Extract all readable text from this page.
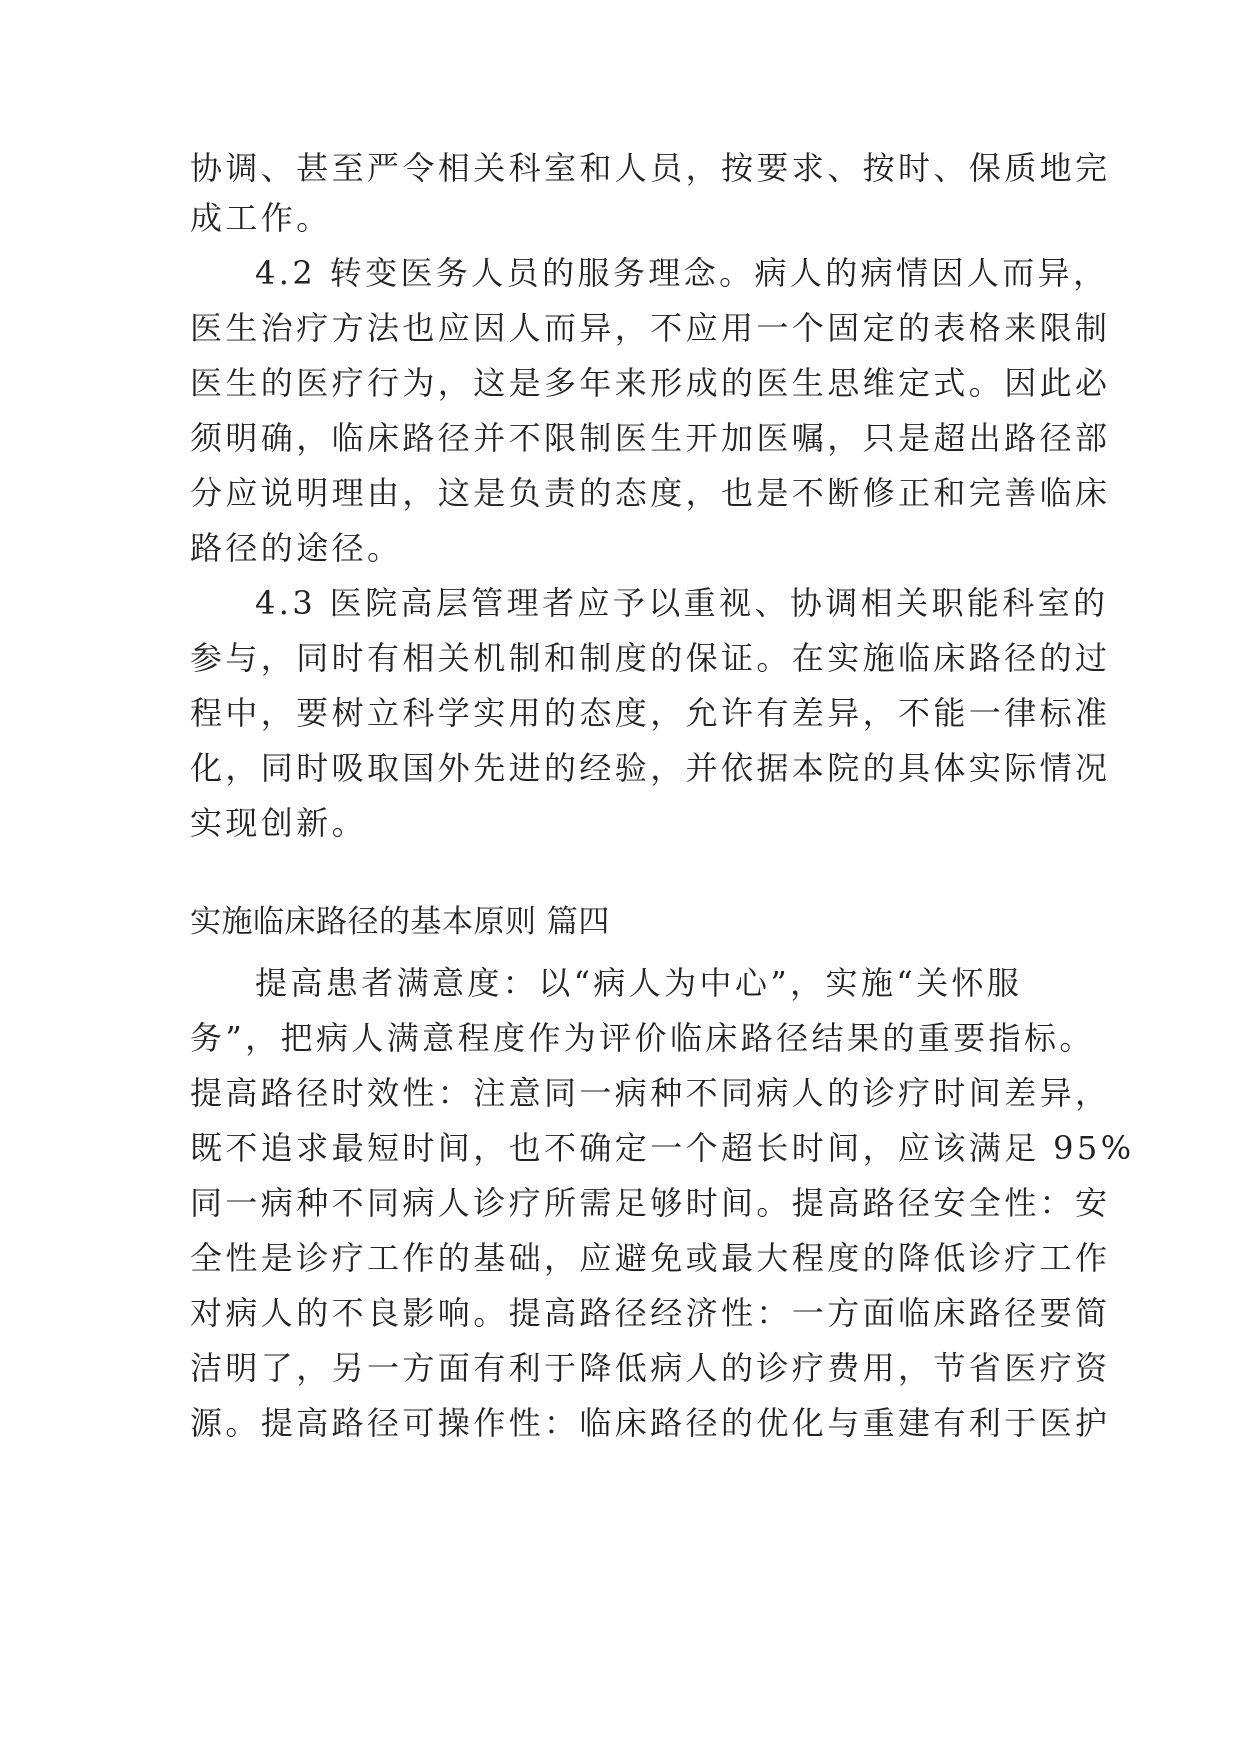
协调、甚至严令相关科室和人员，按要求、按时、保质地完
成工作。
4.2 转变医务人员的服务理念。病人的病情因人而异，
医生治疗方法也应因人而异，不应用一个固定的表格来限制
医生的医疗行为，这是多年来形成的医生思维定式。因此必
须明确，临床路径并不限制医生开加医嘱，只是超出路径部
分应说明理由，这是负责的态度，也是不断修正和完善临床
路径的途径。
4.3 医院高层管理者应予以重视、协调相关职能科室的
参与，同时有相关机制和制度的保证。在实施临床路径的过
程中，要树立科学实用的态度，允许有差异，不能一律标准
化，同时吸取国外先进的经验，并依据本院的具体实际情况
实现创新。
实施临床路径的基本原则 篇四
提高患者满意度：以“病人为中心”，实施“关怀服
务”，把病人满意程度作为评价临床路径结果的重要指标。
提高路径时效性：注意同一病种不同病人的诊疗时间差异，
既不追求最短时间，也不确定一个超长时间，应该满足 95%
同一病种不同病人诊疗所需足够时间。提高路径安全性：安
全性是诊疗工作的基础，应避免或最大程度的降低诊疗工作
对病人的不良影响。提高路径经济性：一方面临床路径要简
洁明了，另一方面有利于降低病人的诊疗费用，节省医疗资
源。提高路径可操作性：临床路径的优化与重建有利于医护
